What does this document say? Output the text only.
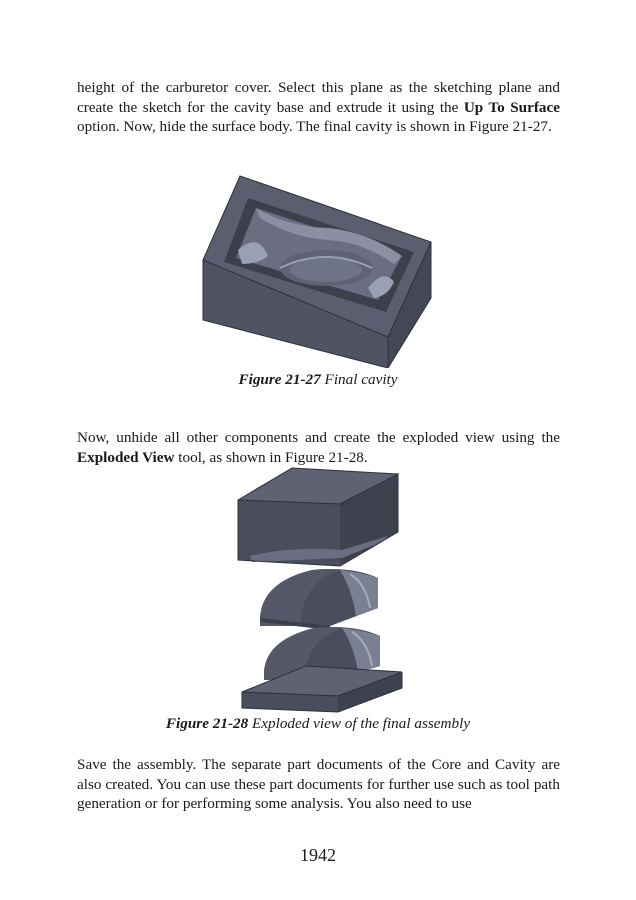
height of the carburetor cover. Select this plane as the sketching plane and create the sketch for the cavity base and extrude it using the Up To Surface option. Now, hide the surface body. The final cavity is shown in Figure 21-27.

Figure 21-27 Final cavity

Now, unhide all other components and create the exploded view using the Exploded View tool, as shown in Figure 21-28.

Figure 21-28 Exploded view of the final assembly

Save the assembly. The separate part documents of the Core and Cavity are also created. You can use these part documents for further use such as tool path generation or for performing some analysis. You also need to use

1942
